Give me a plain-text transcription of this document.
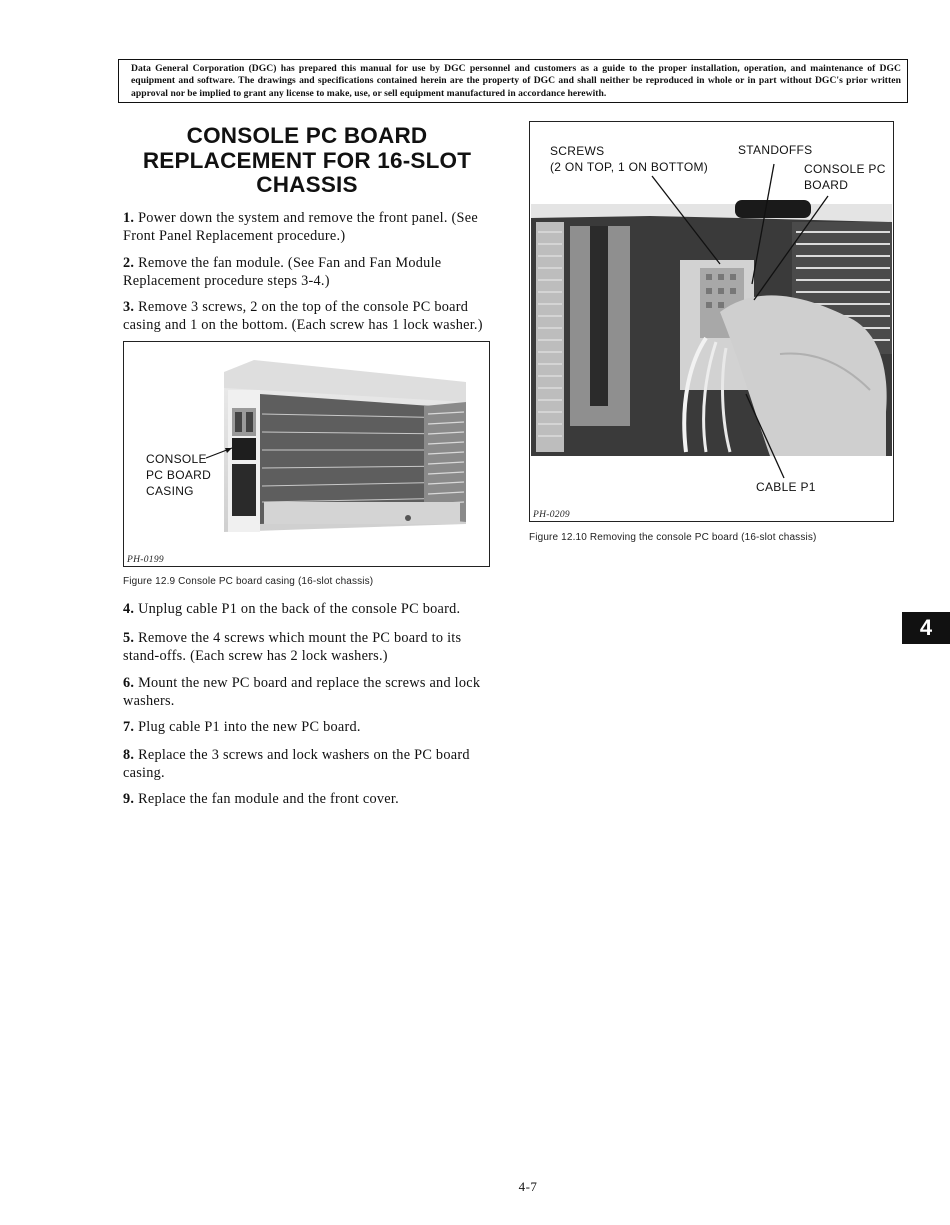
Data General Corporation (DGC) has prepared this manual for use by DGC personnel and customers as a guide to the proper installation, operation, and maintenance of DGC equipment and software. The drawings and specifications contained herein are the property of DGC and shall neither be reproduced in whole or in part without DGC's prior written approval nor be implied to grant any license to make, use, or sell equipment manufactured in accordance herewith.
CONSOLE PC BOARD
REPLACEMENT FOR 16-SLOT
CHASSIS
1. Power down the system and remove the front panel. (See Front Panel Replacement procedure.)
2. Remove the fan module. (See Fan and Fan Module Replacement procedure steps 3-4.)
3. Remove 3 screws, 2 on the top of the console PC board casing and 1 on the bottom. (Each screw has 1 lock washer.)
CONSOLE
PC BOARD
CASING
PH-0199
Figure 12.9 Console PC board casing (16-slot chassis)
4. Unplug cable P1 on the back of the console PC board.
5. Remove the 4 screws which mount the PC board to its stand-offs. (Each screw has 2 lock washers.)
6. Mount the new PC board and replace the screws and lock washers.
7. Plug cable P1 into the new PC board.
8. Replace the 3 screws and lock washers on the PC board casing.
9. Replace the fan module and the front cover.
SCREWS
(2 ON TOP, 1 ON BOTTOM)
STANDOFFS
CONSOLE PC
BOARD
CABLE P1
PH-0209
Figure 12.10 Removing the console PC board (16-slot chassis)
4
4-7
